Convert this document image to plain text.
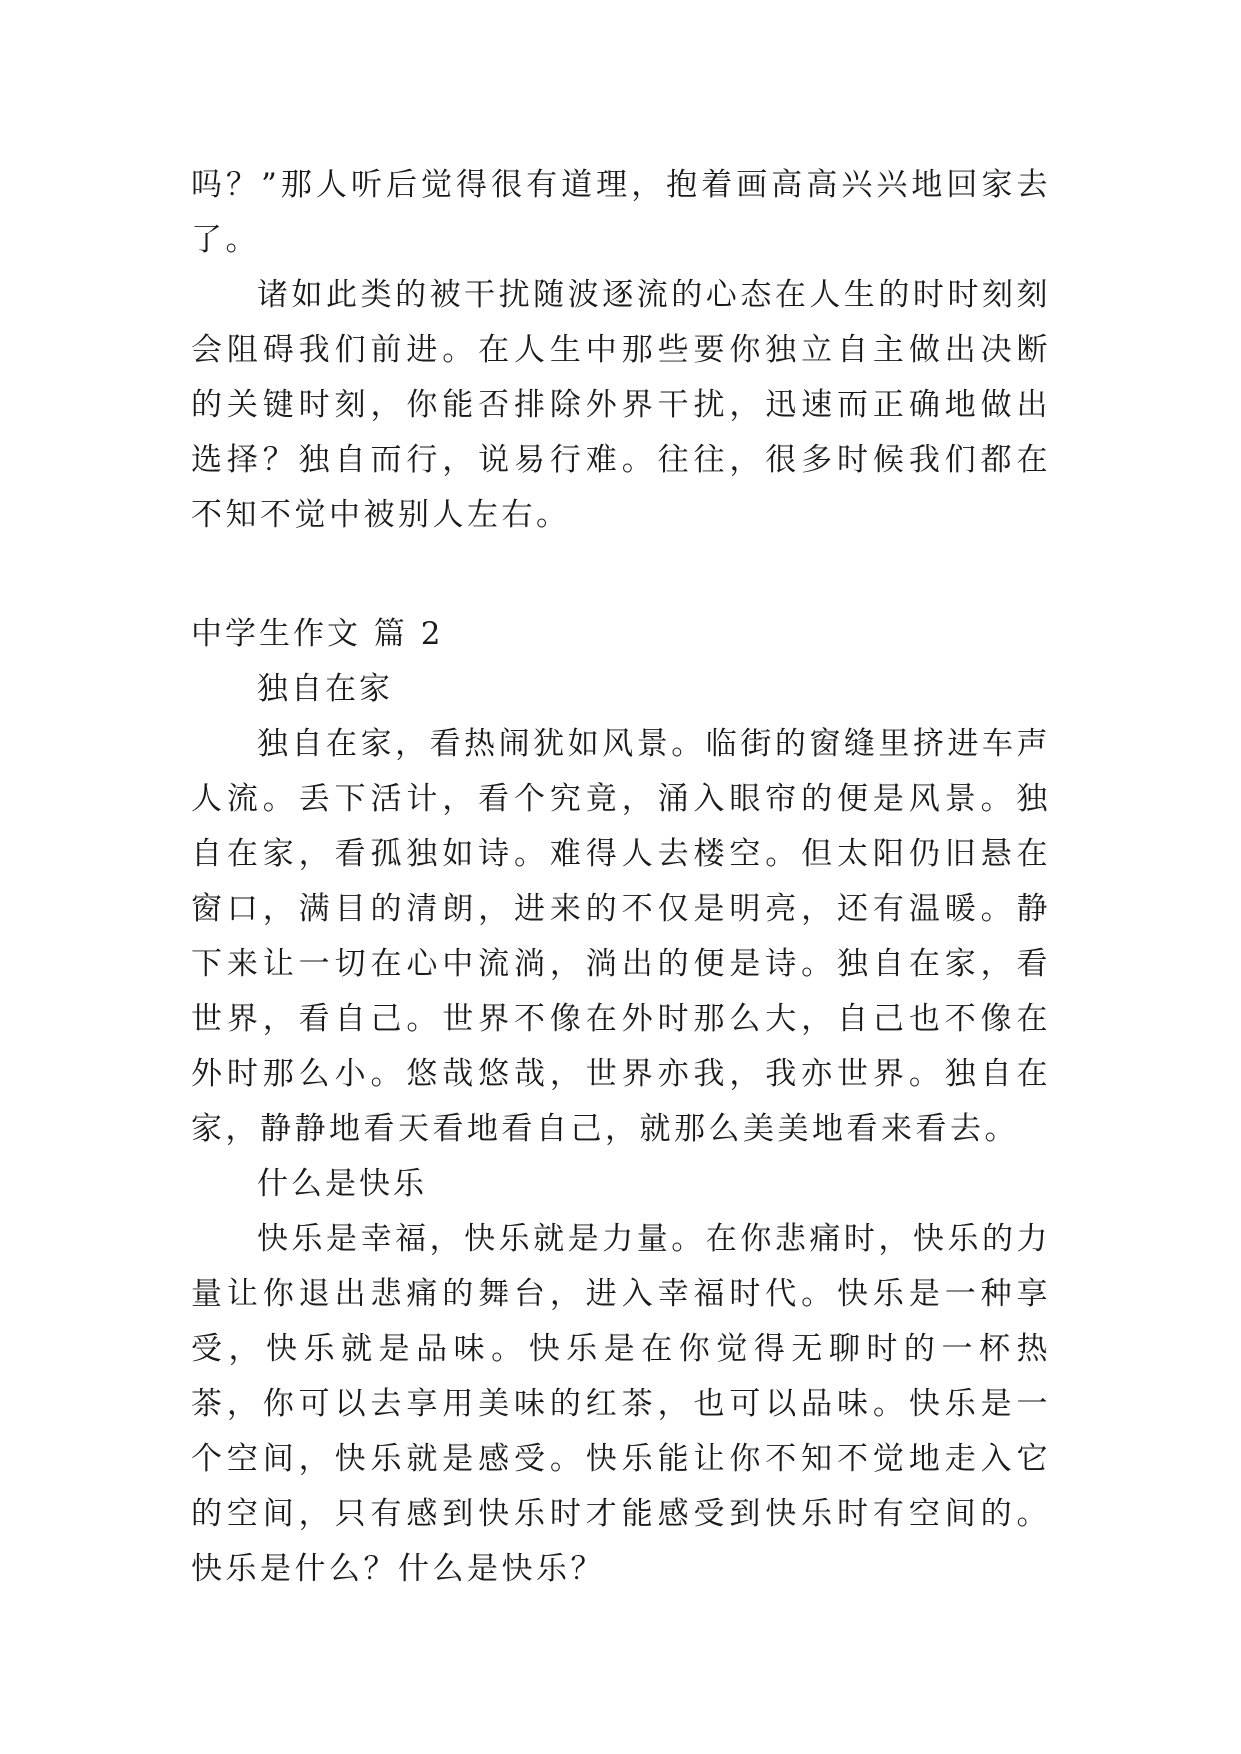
吗？”那人听后觉得很有道理，抱着画高高兴兴地回家去了。

诸如此类的被干扰随波逐流的心态在人生的时时刻刻会阻碍我们前进。在人生中那些要你独立自主做出决断的关键时刻，你能否排除外界干扰，迅速而正确地做出选择？独自而行，说易行难。往往，很多时候我们都在不知不觉中被别人左右。

中学生作文 篇 2

独自在家

独自在家，看热闹犹如风景。临街的窗缝里挤进车声人流。丢下活计，看个究竟，涌入眼帘的便是风景。独自在家，看孤独如诗。难得人去楼空。但太阳仍旧悬在窗口，满目的清朗，进来的不仅是明亮，还有温暖。静下来让一切在心中流淌，淌出的便是诗。独自在家，看世界，看自己。世界不像在外时那么大，自己也不像在外时那么小。悠哉悠哉，世界亦我，我亦世界。独自在家，静静地看天看地看自己，就那么美美地看来看去。

什么是快乐

快乐是幸福，快乐就是力量。在你悲痛时，快乐的力量让你退出悲痛的舞台，进入幸福时代。快乐是一种享受，快乐就是品味。快乐是在你觉得无聊时的一杯热茶，你可以去享用美味的红茶，也可以品味。快乐是一个空间，快乐就是感受。快乐能让你不知不觉地走入它的空间，只有感到快乐时才能感受到快乐时有空间的。快乐是什么？什么是快乐？
